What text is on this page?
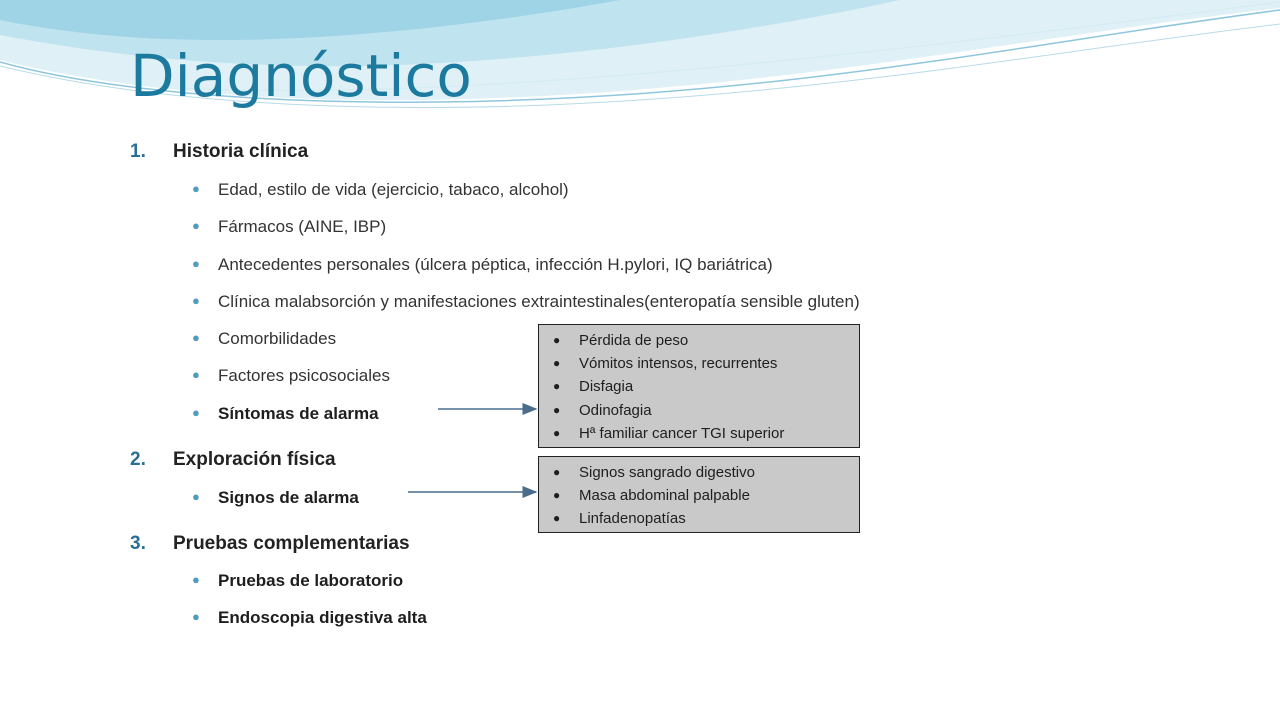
Diagnóstico
1. Historia clínica
● Edad, estilo de vida (ejercicio, tabaco, alcohol)
● Fármacos (AINE, IBP)
● Antecedentes personales (úlcera péptica, infección H.pylori, IQ bariátrica)
● Clínica malabsorción y manifestaciones extraintestinales(enteropatía sensible gluten)
● Comorbilidades
● Factores psicosociales
● Síntomas de alarma
2. Exploración física
● Signos de alarma
3. Pruebas complementarias
● Pruebas de laboratorio
● Endoscopia digestiva alta
● Pérdida de peso
● Vómitos intensos, recurrentes
● Disfagia
● Odinofagia
● Hª familiar cancer TGI superior
● Signos sangrado digestivo
● Masa abdominal palpable
● Linfadenopatías
